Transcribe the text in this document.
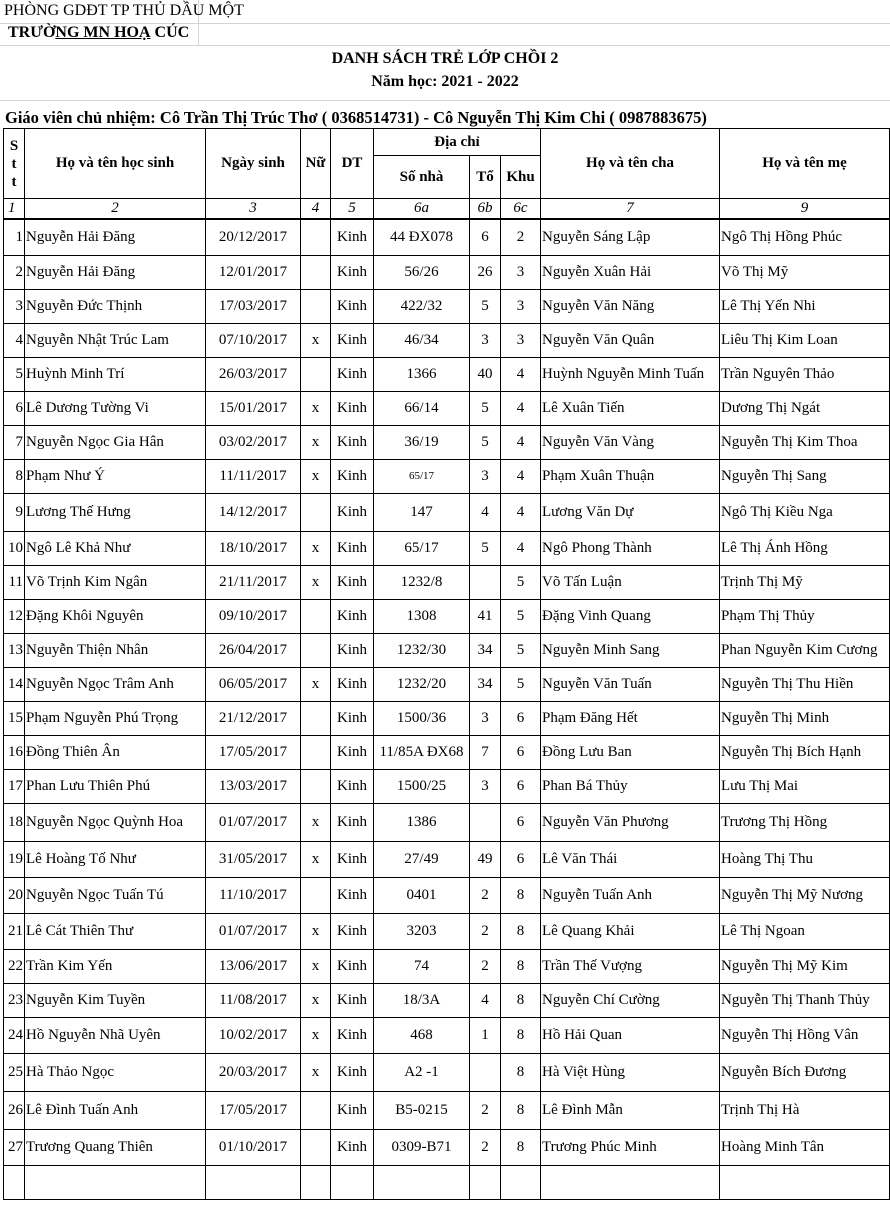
PHÒNG GDĐT TP THỦ DẦU MỘT
TRƯỜNG MN HOẠ CÚC
DANH SÁCH TRẺ LỚP CHỒI 2
Năm học: 2021 - 2022
Giáo viên chủ nhiệm: Cô Trần Thị Trúc Thơ ( 0368514731) - Cô Nguyễn Thị Kim Chi ( 0987883675)
S
t
t	Họ và tên học sinh	Ngày sinh	Nữ	DT	Địa chỉ			Họ và tên cha	Họ và tên mẹ
					Số nhà	Tổ	Khu		
1	2	3	4	5	6a	6b	6c	7	9
1	Nguyễn Hải Đăng	20/12/2017		Kinh	44 ĐX078	6	2	Nguyễn Sáng Lập	Ngô Thị Hồng Phúc
2	Nguyễn Hải Đăng	12/01/2017		Kinh	56/26	26	3	Nguyễn Xuân Hải	Võ Thị Mỹ
3	Nguyễn Đức Thịnh	17/03/2017		Kinh	422/32	5	3	Nguyễn Văn Năng	Lê Thị Yến Nhi
4	Nguyễn Nhật Trúc Lam	07/10/2017	x	Kinh	46/34	3	3	Nguyễn Văn Quân	Liêu Thị Kim Loan
5	Huỳnh Minh Trí	26/03/2017		Kinh	1366	40	4	Huỳnh Nguyễn Minh Tuấn	Trần Nguyên Thảo
6	Lê Dương Tường Vi	15/01/2017	x	Kinh	66/14	5	4	Lê Xuân Tiến	Dương Thị Ngát
7	Nguyễn Ngọc Gia Hân	03/02/2017	x	Kinh	36/19	5	4	Nguyễn Văn Vàng	Nguyễn Thị Kim Thoa
8	Phạm Như Ý	11/11/2017	x	Kinh	65/17	3	4	Phạm Xuân Thuận	Nguyễn Thị Sang
9	Lương Thế Hưng	14/12/2017		Kinh	147	4	4	Lương Văn Dự	Ngô Thị Kiều Nga
10	Ngô Lê Khả Như	18/10/2017	x	Kinh	65/17	5	4	Ngô Phong Thành	Lê Thị Ánh Hồng
11	Võ Trịnh Kim Ngân	21/11/2017	x	Kinh	1232/8		5	Võ Tấn Luận	Trịnh Thị Mỹ
12	Đặng Khôi Nguyên	09/10/2017		Kinh	1308	41	5	Đặng Vinh Quang	Phạm Thị Thủy
13	Nguyễn Thiện Nhân	26/04/2017		Kinh	1232/30	34	5	Nguyễn Minh Sang	Phan Nguyễn Kim Cương
14	Nguyễn Ngọc Trâm Anh	06/05/2017	x	Kinh	1232/20	34	5	Nguyễn Văn Tuấn	Nguyễn Thị Thu Hiền
15	Phạm Nguyễn Phú Trọng	21/12/2017		Kinh	1500/36	3	6	Phạm Đăng Hết	Nguyễn Thị Minh
16	Đồng Thiên Ân	17/05/2017		Kinh	11/85A ĐX68	7	6	Đồng Lưu Ban	Nguyễn Thị Bích Hạnh
17	Phan Lưu Thiên Phú	13/03/2017		Kinh	1500/25	3	6	Phan Bá Thủy	Lưu Thị Mai
18	Nguyễn Ngọc Quỳnh Hoa	01/07/2017	x	Kinh	1386		6	Nguyễn Văn Phương	Trương Thị Hồng
19	Lê Hoàng Tố Như	31/05/2017	x	Kinh	27/49	49	6	Lê Văn Thái	Hoàng Thị Thu
20	Nguyễn Ngọc Tuấn Tú	11/10/2017		Kinh	0401	2	8	Nguyễn Tuấn Anh	Nguyễn Thị Mỹ Nương
21	Lê Cát Thiên Thư	01/07/2017	x	Kinh	3203	2	8	Lê Quang Khải	Lê Thị Ngoan
22	Trần Kim Yến	13/06/2017	x	Kinh	74	2	8	Trần Thế Vượng	Nguyễn Thị Mỹ Kim
23	Nguyễn Kim Tuyền	11/08/2017	x	Kinh	18/3A	4	8	Nguyễn Chí Cường	Nguyễn Thị Thanh Thủy
24	Hồ Nguyễn Nhã Uyên	10/02/2017	x	Kinh	468	1	8	Hồ Hải Quan	Nguyễn Thị Hồng Vân
25	Hà Thảo Ngọc	20/03/2017	x	Kinh	A2 -1		8	Hà Việt Hùng	Nguyễn Bích Đương
26	Lê Đình Tuấn Anh	17/05/2017		Kinh	B5-0215	2	8	Lê Đình Mẫn	Trịnh Thị Hà
27	Trương Quang Thiên	01/10/2017		Kinh	0309-B71	2	8	Trương Phúc Minh	Hoàng Minh Tân
